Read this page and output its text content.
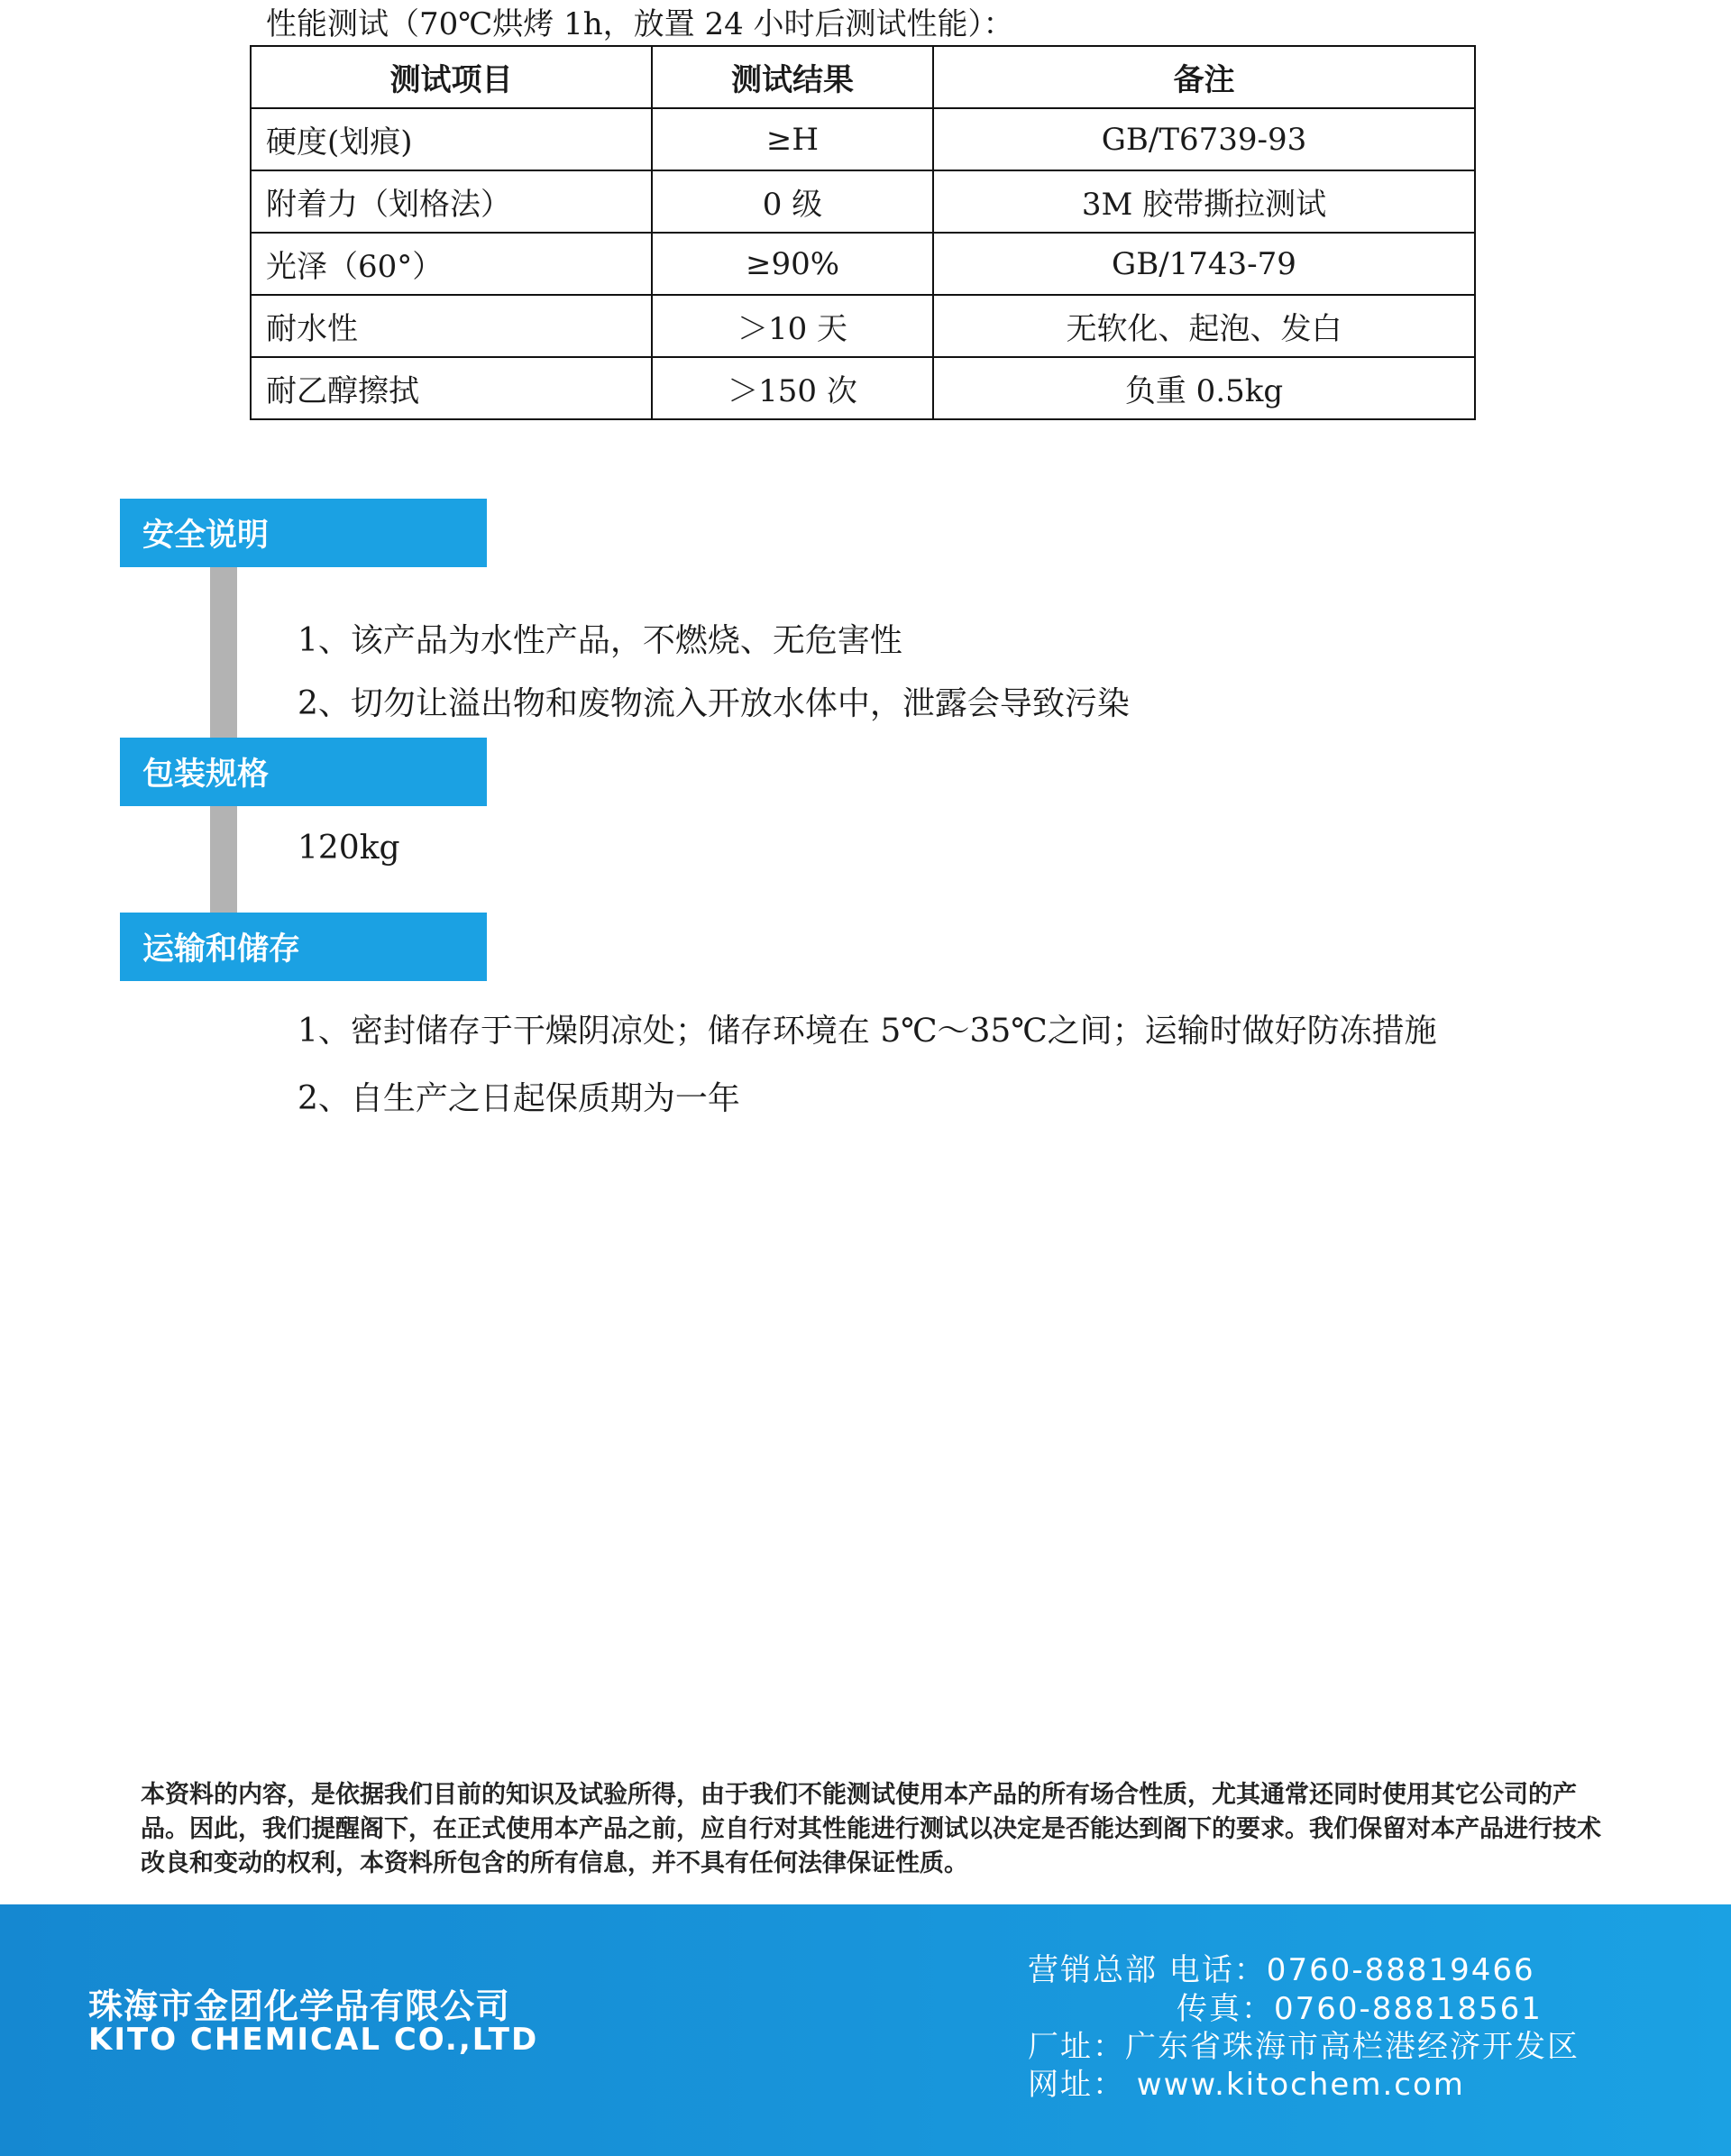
性能测试（70℃烘烤 1h，放置 24 小时后测试性能）：
测试项目	测试结果	备注
硬度(划痕)	≥H	GB/T6739-93
附着力（划格法）	0 级	3M 胶带撕拉测试
光泽（60°）	≥90%	GB/1743-79
耐水性	＞10 天	无软化、起泡、发白
耐乙醇擦拭	＞150 次	负重 0.5kg
安全说明
1、该产品为水性产品，不燃烧、无危害性
2、切勿让溢出物和废物流入开放水体中，泄露会导致污染
包装规格
120kg
运输和储存
1、密封储存于干燥阴凉处；储存环境在 5℃～35℃之间；运输时做好防冻措施
2、自生产之日起保质期为一年
本资料的内容，是依据我们目前的知识及试验所得，由于我们不能测试使用本产品的所有场合性质，尤其通常还同时使用其它公司的产品。因此，我们提醒阁下，在正式使用本产品之前，应自行对其性能进行测试以决定是否能达到阁下的要求。我们保留对本产品进行技术改良和变动的权利，本资料所包含的所有信息，并不具有任何法律保证性质。
珠海市金团化学品有限公司
KITO CHEMICAL CO.,LTD
营销总部 电话：0760-88819466
传真：0760-88818561
厂址：广东省珠海市高栏港经济开发区
网址： www.kitochem.com
